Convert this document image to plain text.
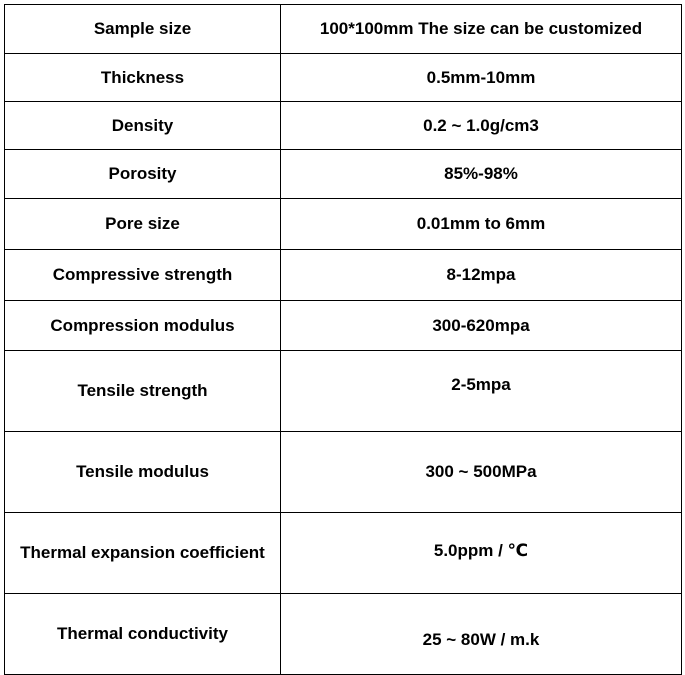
Sample size	100*100mm The size can be customized
Thickness	0.5mm-10mm
Density	0.2 ~ 1.0g/cm3
Porosity	85%-98%
Pore size	0.01mm to 6mm
Compressive strength	8-12mpa
Compression modulus	300-620mpa
Tensile strength	2-5mpa
Tensile modulus	300 ~ 500MPa
Thermal expansion coefficient	5.0ppm / ℃
Thermal conductivity	25 ~ 80W / m.k
